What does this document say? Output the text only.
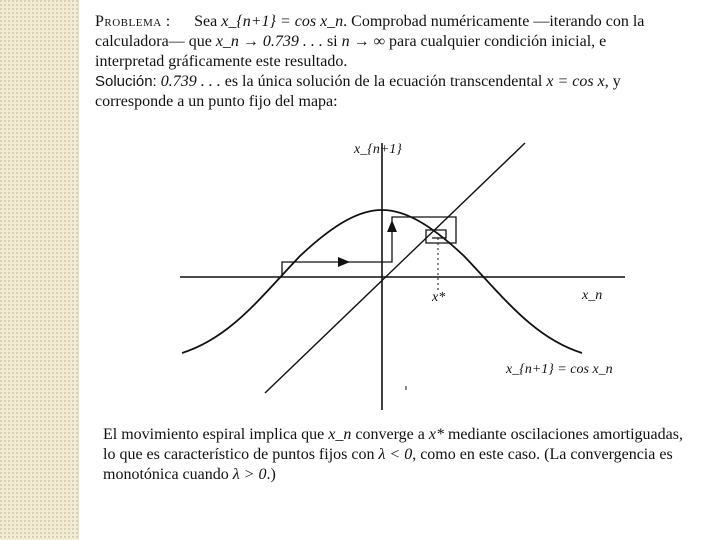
Problema : Sea x_{n+1} = cos x_n. Comprobad numéricamente —iterando con la calculadora— que x_n → 0.739 . . . si n → ∞ para cualquier condición inicial, e interpretad gráficamente este resultado.
Solución: 0.739 . . . es la única solución de la ecuación transcendental x = cos x, y corresponde a un punto fijo del mapa:

x_{n+1}
x_n
x*
x_{n+1} = cos x_n

El movimiento espiral implica que x_n converge a x* mediante oscilaciones amortiguadas, lo que es característico de puntos fijos con λ < 0, como en este caso. (La convergencia es monotónica cuando λ > 0.)
